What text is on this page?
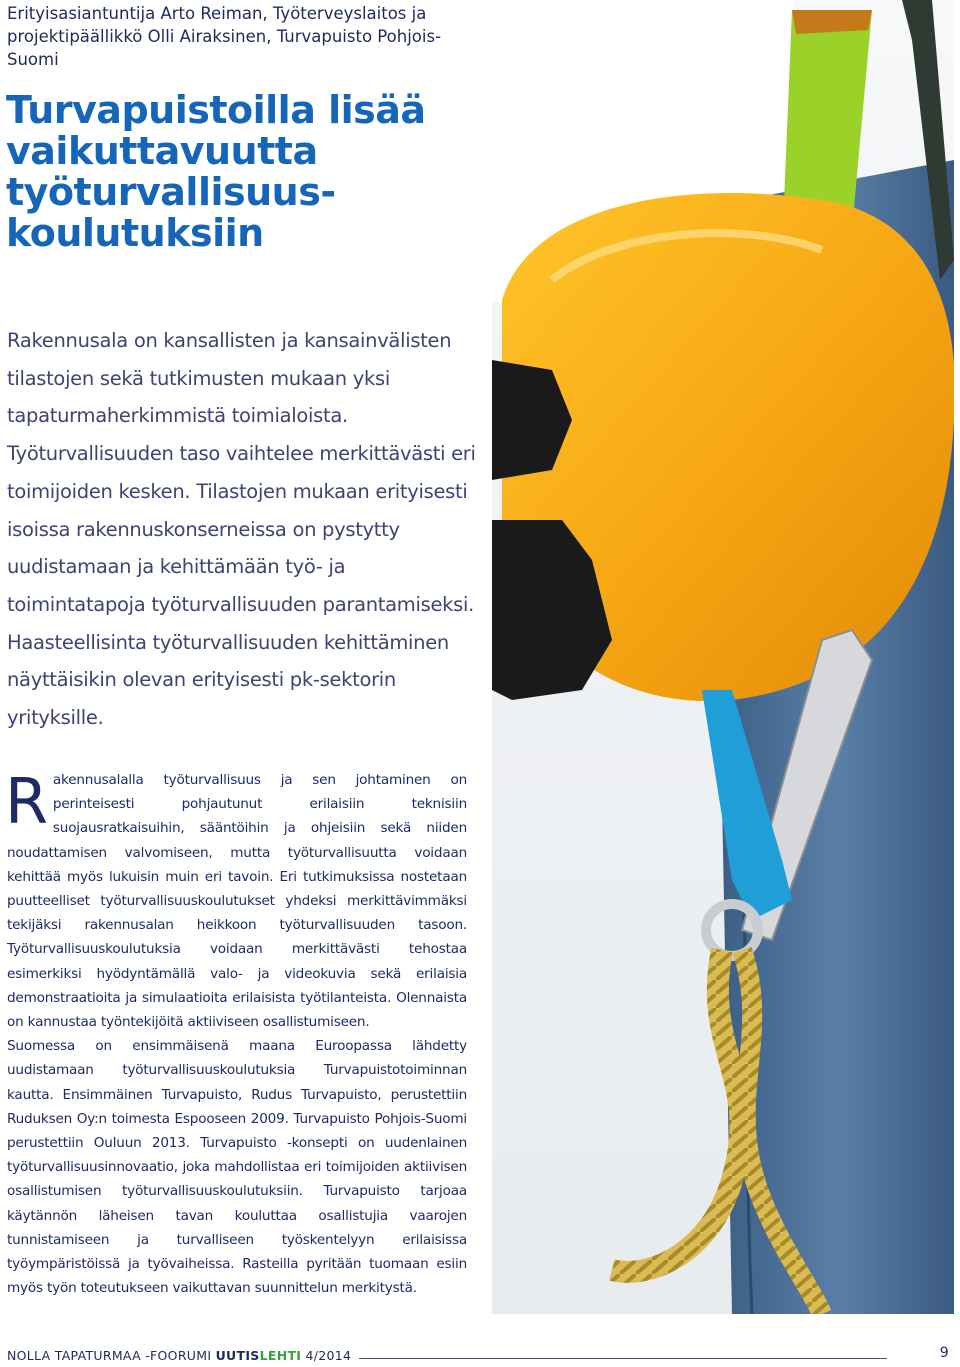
Erityisasiantuntija Arto Reiman, Työterveyslaitos ja projektipäällikkö Olli Airaksinen, Turvapuisto Pohjois-Suomi
Turvapuistoilla lisää
vaikuttavuutta
työturvallisuus-
koulutuksiin
Rakennusala on kansallisten ja kansainvälisten tilastojen sekä tutkimusten mukaan yksi tapaturmaherkimmistä toimialoista. Työturvallisuuden taso vaihtelee merkittävästi eri toimijoiden kesken. Tilastojen mukaan erityisesti isoissa rakennuskonserneissa on pystytty uudistamaan ja kehittämään työ- ja toimintatapoja työturvallisuuden parantamiseksi. Haasteellisinta työturvallisuuden kehittäminen näyttäisikin olevan erityisesti pk-sektorin yrityksille.

Rakennusalalla työturvallisuus ja sen johtaminen on perinteisesti pohjautunut erilaisiin teknisiin suojausratkaisuihin, sääntöihin ja ohjeisiin sekä niiden noudattamisen valvomiseen, mutta työturvallisuutta voidaan kehittää myös lukuisin muin eri tavoin. Eri tutkimuksissa nostetaan puutteelliset työturvallisuuskoulutukset yhdeksi merkittävimmäksi tekijäksi rakennusalan heikkoon työturvallisuuden tasoon. Työturvallisuuskoulutuksia voidaan merkittävästi tehostaa esimerkiksi hyödyntämällä valo- ja videokuvia sekä erilaisia demonstraatioita ja simulaatioita erilaisista työtilanteista. Olennaista on kannustaa työntekijöitä aktiiviseen osallistumiseen.

Suomessa on ensimmäisenä maana Euroopassa lähdetty uudistamaan työturvallisuuskoulutuksia Turvapuistotoiminnan kautta. Ensimmäinen Turvapuisto, Rudus Turvapuisto, perustettiin Ruduksen Oy:n toimesta Espooseen 2009. Turvapuisto Pohjois-Suomi perustettiin Ouluun 2013. Turvapuisto -konsepti on uudenlainen työturvallisuusinnovaatio, joka mahdollistaa eri toimijoiden aktiivisen osallistumisen työturvallisuuskoulutuksiin. Turvapuisto tarjoaa käytännön läheisen tavan kouluttaa osallistujia vaarojen tunnistamiseen ja turvalliseen työskentelyyn erilaisissa työympäristöissä ja työvaiheissa. Rasteilla pyritään tuomaan esiin myös työn toteutukseen vaikuttavan suunnittelun merkitystä.

NOLLA TAPATURMAA -FOORUMI UUTISLEHTI 4/2014	9
